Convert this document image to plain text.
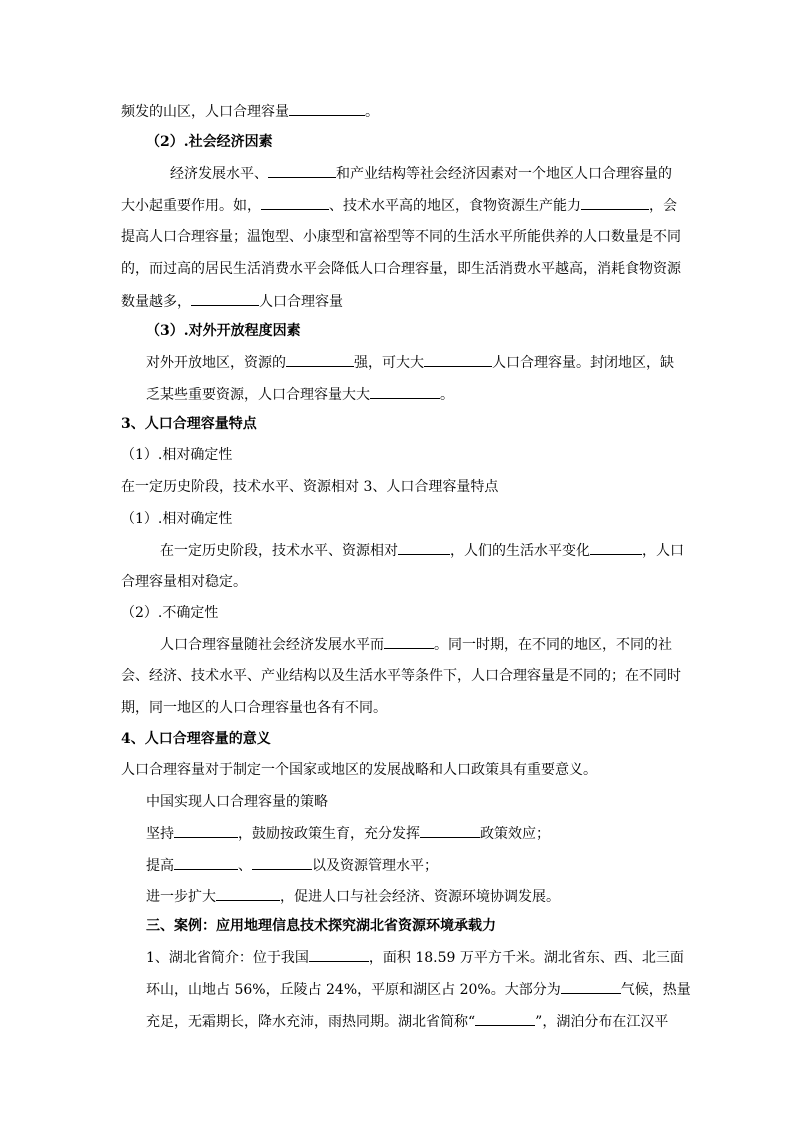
频发的山区，人口合理容量	。
（2）.社会经济因素
经济发展水平、	和产业结构等社会经济因素对一个地区人口合理容量的
大小起重要作用。如，	、技术水平高的地区，食物资源生产能力	，会
提高人口合理容量；温饱型、小康型和富裕型等不同的生活水平所能供养的人口数量是不同
的，而过高的居民生活消费水平会降低人口合理容量，即生活消费水平越高，消耗食物资源
数量越多，	人口合理容量
（3）.对外开放程度因素
对外开放地区，资源的	强，可大大	人口合理容量。封闭地区，缺
乏某些重要资源，人口合理容量大大	。
3、人口合理容量特点
（1）.相对确定性
在一定历史阶段，技术水平、资源相对 3、人口合理容量特点
（1）.相对确定性
在一定历史阶段，技术水平、资源相对	，人们的生活水平变化	，人口
合理容量相对稳定。
（2）.不确定性
人口合理容量随社会经济发展水平而	。同一时期，在不同的地区，不同的社
会、经济、技术水平、产业结构以及生活水平等条件下，人口合理容量是不同的；在不同时
期，同一地区的人口合理容量也各有不同。
4、人口合理容量的意义
人口合理容量对于制定一个国家或地区的发展战略和人口政策具有重要意义。
中国实现人口合理容量的策略
坚持	，鼓励按政策生育，充分发挥	政策效应；
提高	、	以及资源管理水平；
进一步扩大	，促进人口与社会经济、资源环境协调发展。
三、案例：应用地理信息技术探究湖北省资源环境承载力
1、湖北省简介：位于我国	，面积 18.59 万平方千米。湖北省东、西、北三面
环山，山地占 56%，丘陵占 24%，平原和湖区占 20%。大部分为	气候，热量
充足，无霜期长，降水充沛，雨热同期。湖北省简称“	”，湖泊分布在江汉平
